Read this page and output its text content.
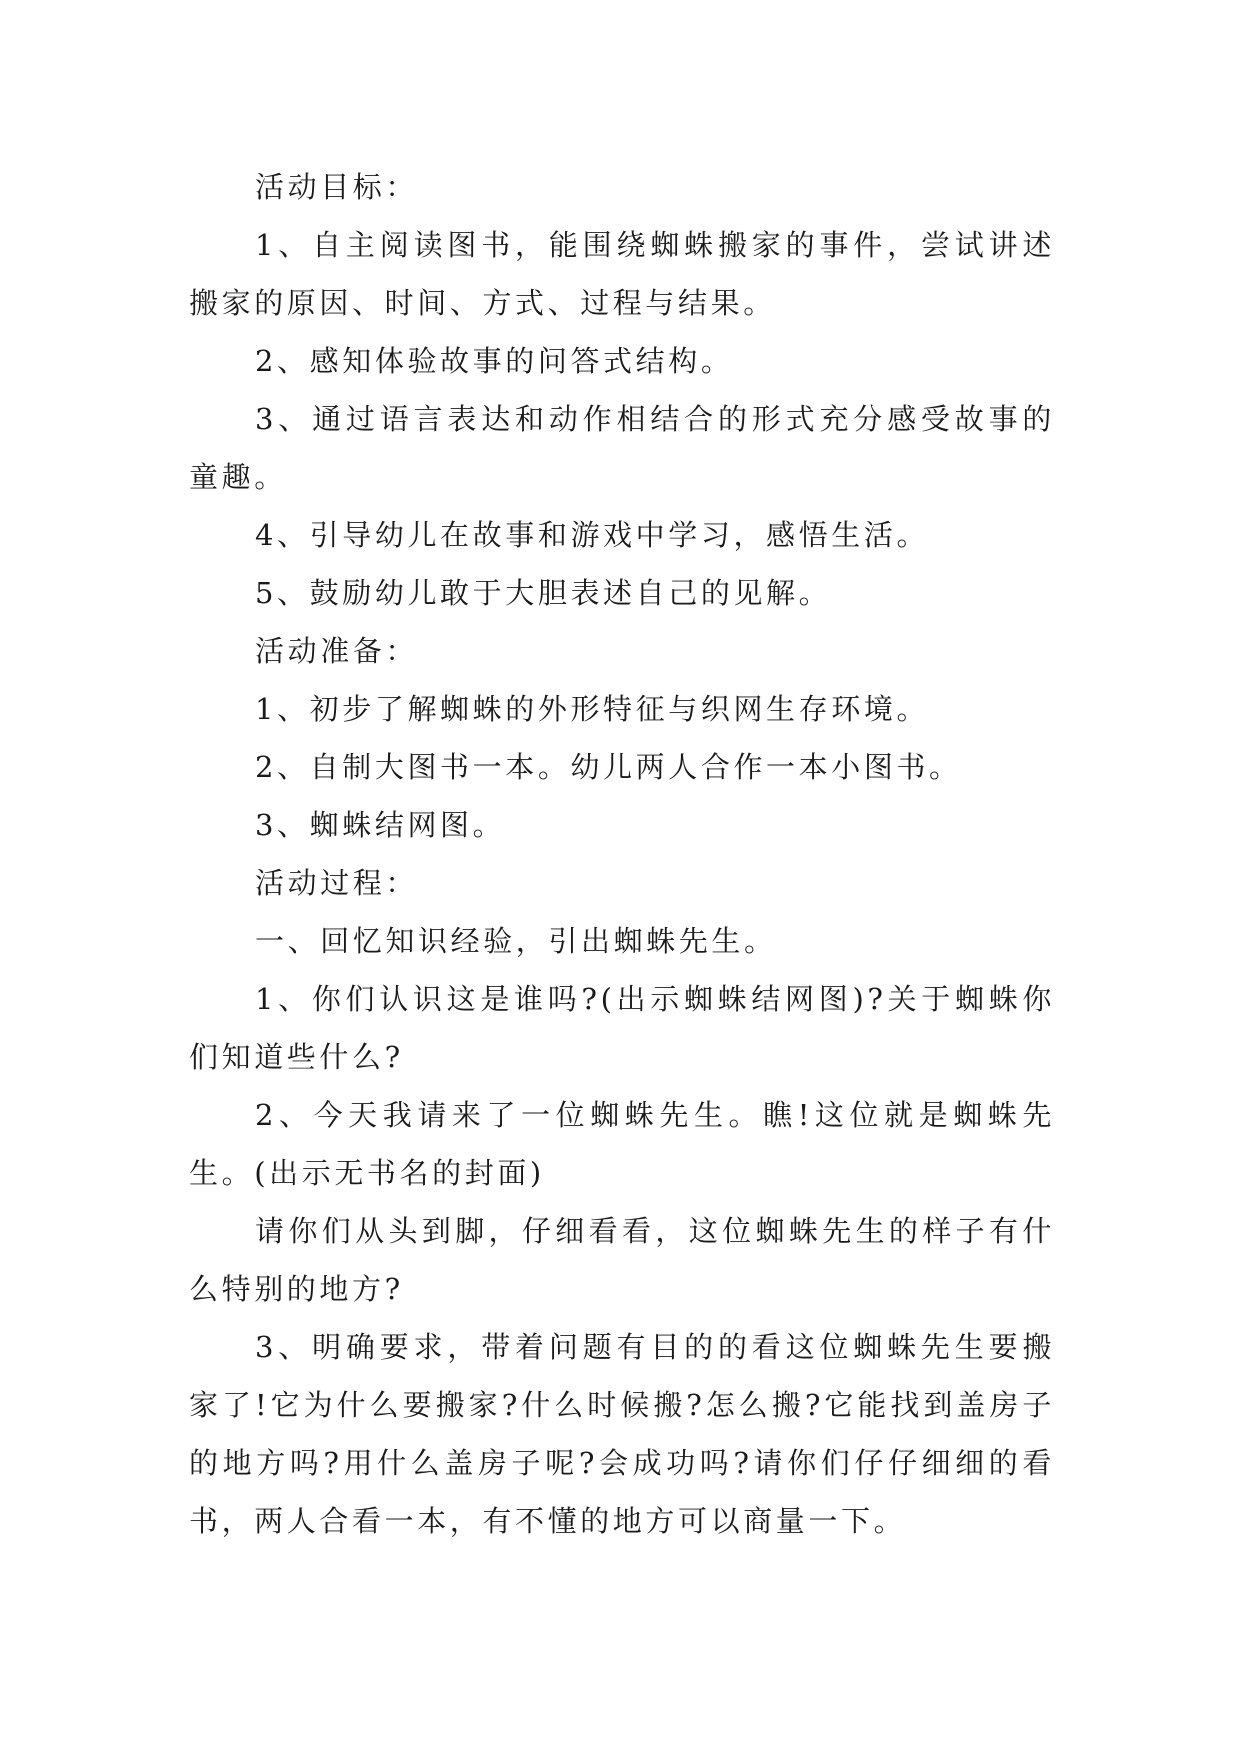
活动目标：

1、自主阅读图书，能围绕蜘蛛搬家的事件，尝试讲述搬家的原因、时间、方式、过程与结果。

2、感知体验故事的问答式结构。

3、通过语言表达和动作相结合的形式充分感受故事的童趣。

4、引导幼儿在故事和游戏中学习，感悟生活。

5、鼓励幼儿敢于大胆表述自己的见解。

活动准备：

1、初步了解蜘蛛的外形特征与织网生存环境。

2、自制大图书一本。幼儿两人合作一本小图书。

3、蜘蛛结网图。

活动过程：

一、回忆知识经验，引出蜘蛛先生。

1、你们认识这是谁吗?(出示蜘蛛结网图)?关于蜘蛛你们知道些什么?

2、今天我请来了一位蜘蛛先生。瞧!这位就是蜘蛛先生。(出示无书名的封面)

请你们从头到脚，仔细看看，这位蜘蛛先生的样子有什么特别的地方?

3、明确要求，带着问题有目的的看这位蜘蛛先生要搬家了!它为什么要搬家?什么时候搬?怎么搬?它能找到盖房子的地方吗?用什么盖房子呢?会成功吗?请你们仔仔细细的看书，两人合看一本，有不懂的地方可以商量一下。
